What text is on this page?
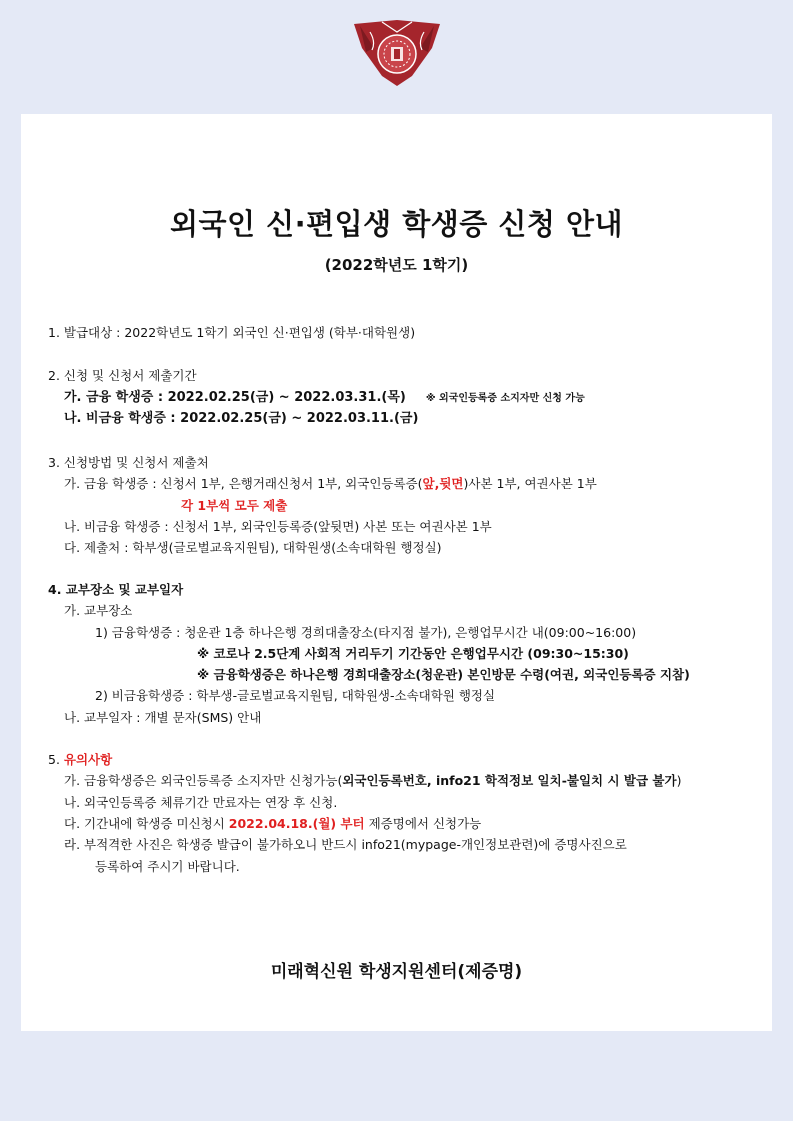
외국인 신·편입생 학생증 신청 안내
(2022학년도 1학기)
1. 발급대상 : 2022학년도 1학기 외국인 신·편입생 (학부·대학원생)
2. 신청 및 신청서 제출기간
가. 금융 학생증 : 2022.02.25(금) ~ 2022.03.31.(목) ※ 외국인등록증 소지자만 신청 가능
나. 비금융 학생증 : 2022.02.25(금) ~ 2022.03.11.(금)
3. 신청방법 및 신청서 제출처
가. 금융 학생증 : 신청서 1부, 은행거래신청서 1부, 외국인등록증(앞,뒷면)사본 1부, 여권사본 1부
각 1부씩 모두 제출
나. 비금융 학생증 : 신청서 1부, 외국인등록증(앞뒷면) 사본 또는 여권사본 1부
다. 제출처 : 학부생(글로벌교육지원팀), 대학원생(소속대학원 행정실)
4. 교부장소 및 교부일자
가. 교부장소
1) 금융학생증 : 청운관 1층 하나은행 경희대출장소(타지점 불가), 은행업무시간 내(09:00~16:00)
※ 코로나 2.5단계 사회적 거리두기 기간동안 은행업무시간 (09:30~15:30)
※ 금융학생증은 하나은행 경희대출장소(청운관) 본인방문 수령(여권, 외국인등록증 지참)
2) 비금융학생증 : 학부생-글로벌교육지원팀, 대학원생-소속대학원 행정실
나. 교부일자 : 개별 문자(SMS) 안내
5. 유의사항
가. 금융학생증은 외국인등록증 소지자만 신청가능(외국인등록번호, info21 학적정보 일치-불일치 시 발급 불가)
나. 외국인등록증 체류기간 만료자는 연장 후 신청.
다. 기간내에 학생증 미신청시 2022.04.18.(월) 부터 제증명에서 신청가능
라. 부적격한 사진은 학생증 발급이 불가하오니 반드시 info21(mypage-개인정보관련)에 증명사진으로
등록하여 주시기 바랍니다.
미래혁신원 학생지원센터(제증명)
